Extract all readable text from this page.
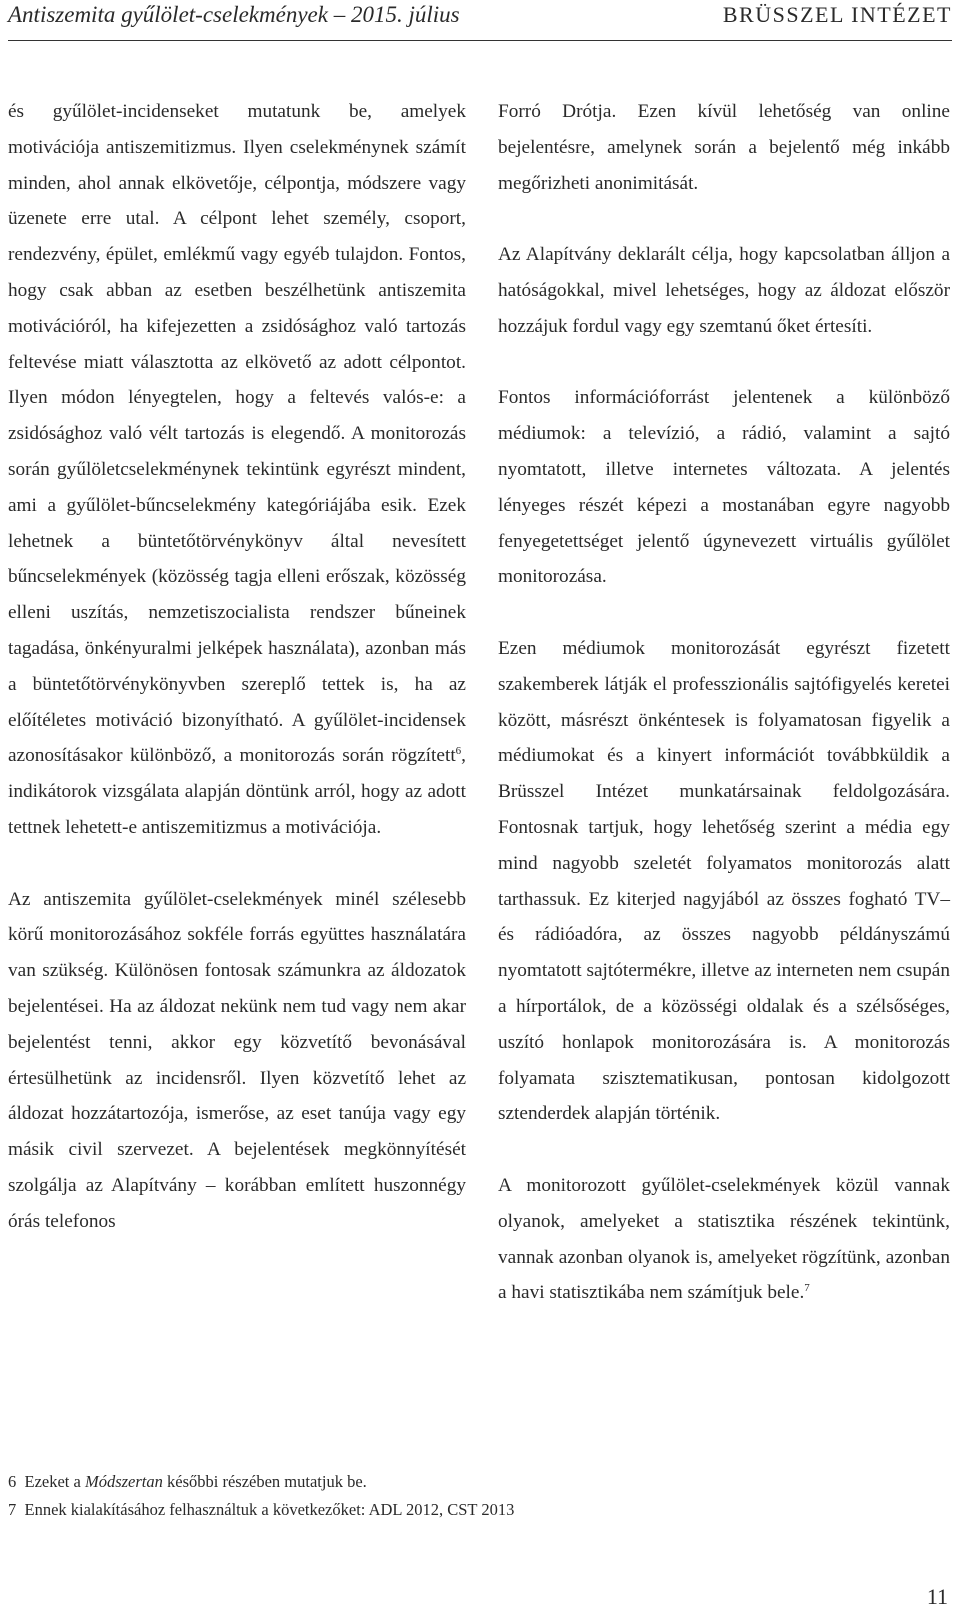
Antiszemita gyűlölet-cselekmények – 2015. július	BRÜSSZEL INTÉZET

és gyűlölet-incidenseket mutatunk be, amelyek motivációja antiszemitizmus. Ilyen cselekménynek számít minden, ahol annak elkövetője, célpontja, módszere vagy üzenete erre utal. A célpont lehet személy, csoport, rendezvény, épület, emlékmű vagy egyéb tulajdon. Fontos, hogy csak abban az esetben beszélhetünk antiszemita motivációról, ha kifejezetten a zsidósághoz való tartozás feltevése miatt választotta az elkövető az adott célpontot. Ilyen módon lényegtelen, hogy a feltevés valós-e: a zsidósághoz való vélt tartozás is elegendő. A monitorozás során gyűlöletcselekménynek tekintünk egyrészt mindent, ami a gyűlölet-bűncselekmény kategóriájába esik. Ezek lehetnek a büntetőtörvénykönyv által nevesített bűncselekmények (közösség tagja elleni erőszak, közösség elleni uszítás, nemzetiszocialista rendszer bűneinek tagadása, önkényuralmi jelképek használata), azonban más a büntetőtörvénykönyvben szereplő tettek is, ha az előítéletes motiváció bizonyítható. A gyűlölet-incidensek azonosításakor különböző, a monitorozás során rögzített$^6$, indikátorok vizsgálata alapján döntünk arról, hogy az adott tettnek lehetett-e antiszemitizmus a motivációja.

Az antiszemita gyűlölet-cselekmények minél szélesebb körű monitorozásához sokféle forrás együttes használatára van szükség. Különösen fontosak számunkra az áldozatok bejelentései. Ha az áldozat nekünk nem tud vagy nem akar bejelentést tenni, akkor egy közvetítő bevonásával értesülhetünk az incidensről. Ilyen közvetítő lehet az áldozat hozzátartozója, ismerőse, az eset tanúja vagy egy másik civil szervezet. A bejelentések megkönnyítését szolgálja az Alapítvány – korábban említett huszonnégy órás telefonos

Forró Drótja. Ezen kívül lehetőség van online bejelentésre, amelynek során a bejelentő még inkább megőrizheti anonimitását.

Az Alapítvány deklarált célja, hogy kapcsolatban álljon a hatóságokkal, mivel lehetséges, hogy az áldozat először hozzájuk fordul vagy egy szemtanú őket értesíti.

Fontos információforrást jelentenek a különböző médiumok: a televízió, a rádió, valamint a sajtó nyomtatott, illetve internetes változata. A jelentés lényeges részét képezi a mostanában egyre nagyobb fenyegetettséget jelentő úgynevezett virtuális gyűlölet monitorozása.

Ezen médiumok monitorozását egyrészt fizetett szakemberek látják el professzionális sajtófigyelés keretei között, másrészt önkéntesek is folyamatosan figyelik a médiumokat és a kinyert információt továbbküldik a Brüsszel Intézet munkatársainak feldolgozására. Fontosnak tartjuk, hogy lehetőség szerint a média egy mind nagyobb szeletét folyamatos monitorozás alatt tarthassuk. Ez kiterjed nagyjából az összes fogható TV– és rádióadóra, az összes nagyobb példányszámú nyomtatott sajtótermékre, illetve az interneten nem csupán a hírportálok, de a közösségi oldalak és a szélsőséges, uszító honlapok monitorozására is. A monitorozás folyamata szisztematikusan, pontosan kidolgozott sztenderdek alapján történik.

A monitorozott gyűlölet-cselekmények közül vannak olyanok, amelyeket a statisztika részének tekintünk, vannak azonban olyanok is, amelyeket rögzítünk, azonban a havi statisztikába nem számítjuk bele.$^7$

6 Ezeket a Módszertan későbbi részében mutatjuk be.
7 Ennek kialakításához felhasználtuk a következőket: ADL 2012, CST 2013
11
